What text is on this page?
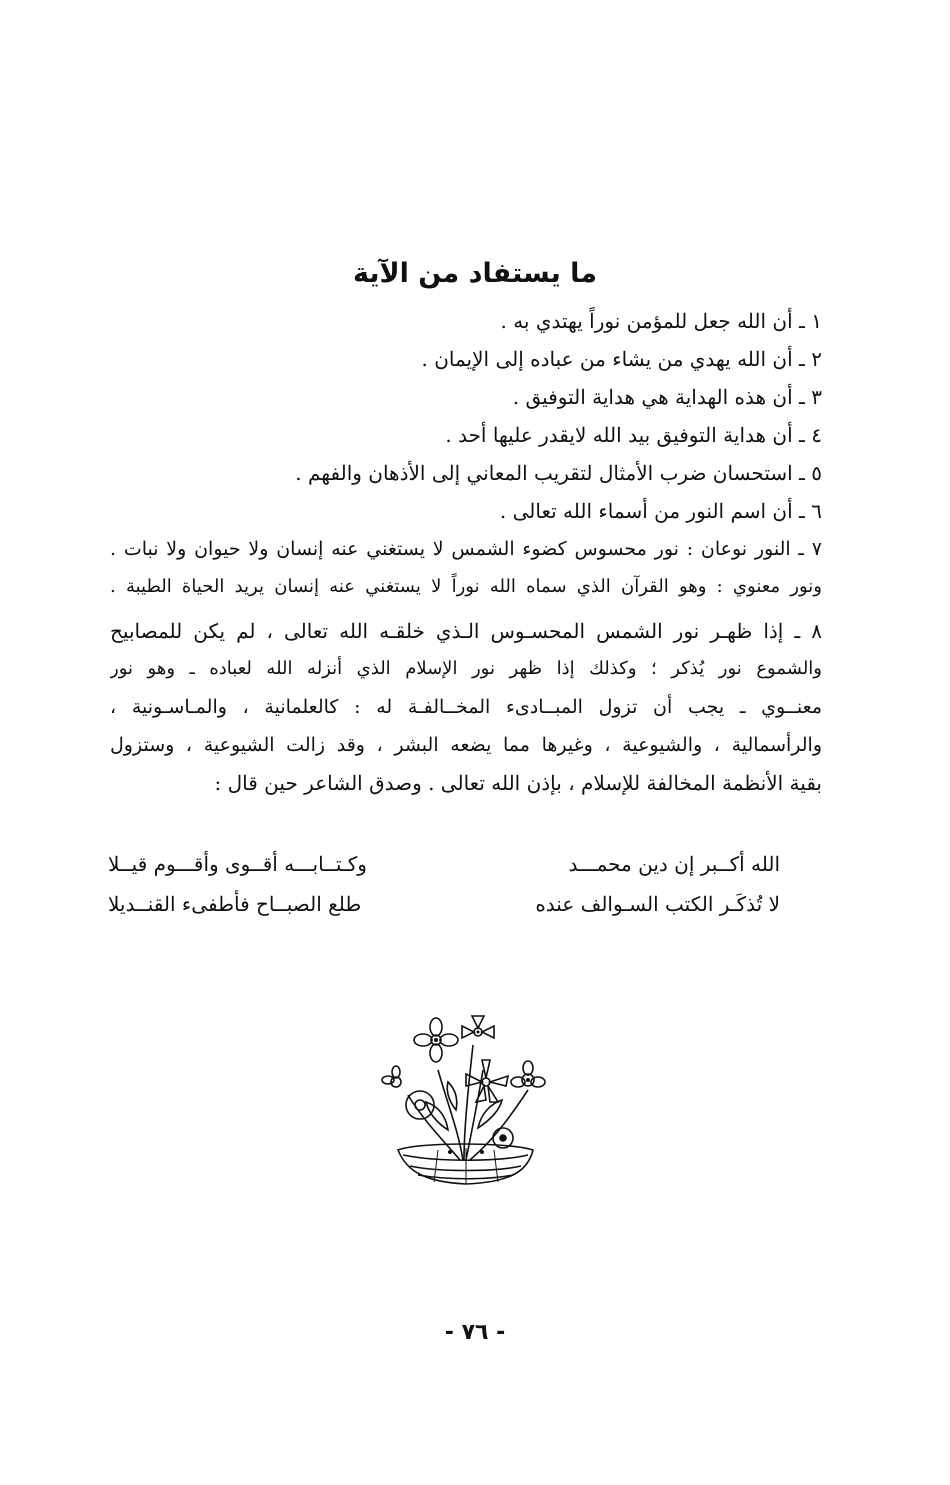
ما يستفاد من الآية
١ ـ أن الله جعل للمؤمن نوراً يهتدي به .
٢ ـ أن الله يهدي من يشاء من عباده إلى الإيمان .
٣ ـ أن هذه الهداية هي هداية التوفيق .
٤ ـ أن هداية التوفيق بيد الله لايقدر عليها أحد .
٥ ـ استحسان ضرب الأمثال لتقريب المعاني إلى الأذهان والفهم .
٦ ـ أن اسم النور من أسماء الله تعالى .
٧ ـ النور نوعان : نور محسوس كضوء الشمس لا يستغني عنه إنسان ولا حيوان ولا نبات .
ونور معنوي : وهو القرآن الذي سماه الله نوراً لا يستغني عنه إنسان يريد الحياة الطيبة .
٨ ـ إذا ظهـر نور الشمس المحسـوس الـذي خلقـه الله تعالى ، لم يكن للمصابيح
والشموع نور يُذكر ؛ وكذلك إذا ظهر نور الإسلام الذي أنزله الله لعباده ـ وهو نور
معنــوي ـ يجب أن تزول المبــادىء المخــالفـة له : كالعلمانية ، والمـاسـونية ،
والرأسمالية ، والشيوعية ، وغيرها مما يضعه البشر ، وقد زالت الشيوعية ، وستزول
بقية الأنظمة المخالفة للإسلام ، بإذن الله تعالى . وصدق الشاعر حين قال :
الله أكــبر إن دين محمـــد
وكـتــابـــه أقــوى وأقـــوم قيــلا
لا تُذكَـر الكتب السـوالف عنده
طلع الصبــاح فأطفىء القنــديلا
- ٧٦ -
